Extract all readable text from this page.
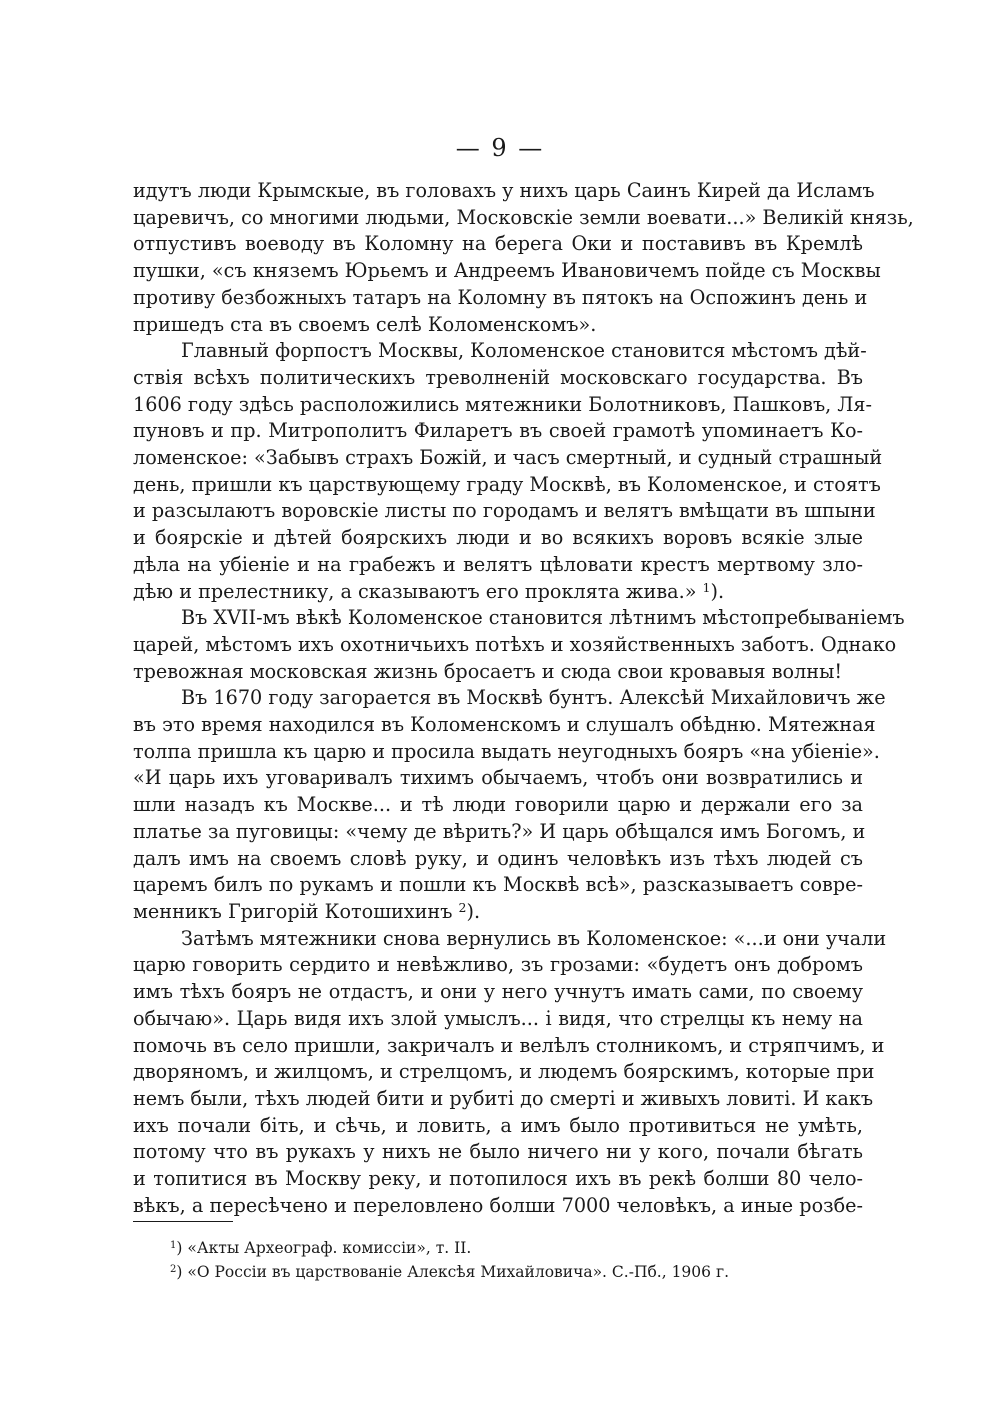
— 9 —

идутъ люди Крымскые, въ головахъ у нихъ царь Саинъ Кирей да Исламъ
царевичъ, со многими людьми, Московскіе земли воевати...» Великій князь,
отпустивъ воеводу въ Коломну на берега Оки и поставивъ въ Кремлѣ
пушки, «съ княземъ Юрьемъ и Андреемъ Ивановичемъ пойде съ Москвы
противу безбожныхъ татаръ на Коломну въ пятокъ на Оспожинъ день и
пришедъ ста въ своемъ селѣ Коломенскомъ».

Главный форпостъ Москвы, Коломенское становится мѣстомъ дѣй-
ствія всѣхъ политическихъ треволненій московскаго государства. Въ
1606 году здѣсь расположились мятежники Болотниковъ, Пашковъ, Ля-
пуновъ и пр. Митрополитъ Филаретъ въ своей грамотѣ упоминаетъ Ко-
ломенское: «Забывъ страхъ Божій, и часъ смертный, и судный страшный
день, пришли къ царствующему граду Москвѣ, въ Коломенское, и стоятъ
и разсылаютъ воровскіе листы по городамъ и велятъ вмѣщати въ шпыни
и боярскіе и дѣтей боярскихъ люди и во всякихъ воровъ всякіе злые
дѣла на убіеніе и на грабежъ и велятъ цѣловати крестъ мертвому зло-
дѣю и прелестнику, а сказываютъ его проклята жива.» $^1$).

Въ XVII-мъ вѣкѣ Коломенское становится лѣтнимъ мѣстопребываніемъ
царей, мѣстомъ ихъ охотничьихъ потѣхъ и хозяйственныхъ заботъ. Однако
тревожная московская жизнь бросаетъ и сюда свои кровавыя волны!

Въ 1670 году загорается въ Москвѣ бунтъ. Алексѣй Михайловичъ же
въ это время находился въ Коломенскомъ и слушалъ обѣдню. Мятежная
толпа пришла къ царю и просила выдать неугодныхъ бояръ «на убіеніе».
«И царь ихъ уговаривалъ тихимъ обычаемъ, чтобъ они возвратились и
шли назадъ къ Москве... и тѣ люди говорили царю и держали его за
платье за пуговицы: «чему де вѣрить?» И царь обѣщался имъ Богомъ, и
далъ имъ на своемъ словѣ руку, и одинъ человѣкъ изъ тѣхъ людей съ
царемъ билъ по рукамъ и пошли къ Москвѣ всѣ», разсказываетъ совре-
менникъ Григорій Котошихинъ $^2$).

Затѣмъ мятежники снова вернулись въ Коломенское: «...и они учали
царю говорить сердито и невѣжливо, зъ грозами: «будетъ онъ добромъ
имъ тѣхъ бояръ не отдастъ, и они у него учнутъ имать сами, по своему
обычаю». Царь видя ихъ злой умыслъ... і видя, что стрелцы къ нему на
помочь въ село пришли, закричалъ и велѣлъ столникомъ, и стряпчимъ, и
дворяномъ, и жилцомъ, и стрелцомъ, и людемъ боярскимъ, которые при
немъ были, тѣхъ людей бити и рубиті до смерті и живыхъ ловиті. И какъ
ихъ почали біть, и сѣчь, и ловить, а имъ было противиться не умѣть,
потому что въ рукахъ у нихъ не было ничего ни у кого, почали бѣгать
и топитися въ Москву реку, и потопилося ихъ въ рекѣ болши 80 чело-
вѣкъ, а пересѣчено и переловлено болши 7000 человѣкъ, а иные розбе-

$^1$) «Акты Археограф. комиссіи», т. II.
$^2$) «О Россіи въ царствованіе Алексѣя Михайловича». С.-Пб., 1906 г.
